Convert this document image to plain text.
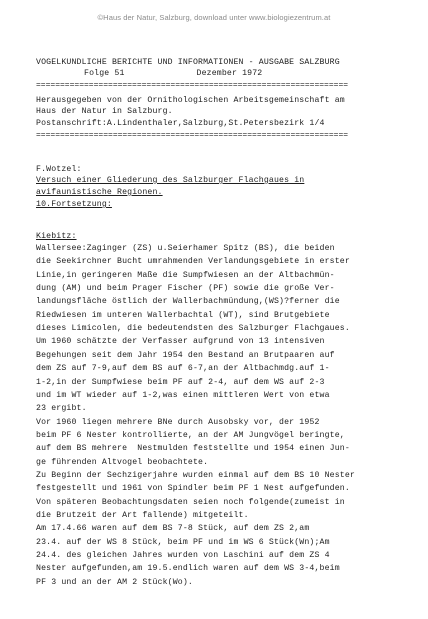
©Haus der Natur, Salzburg, download unter www.biologiezentrum.at
VOGELKUNDLICHE BERICHTE UND INFORMATIONEN - AUSGABE SALZBURG
Folge 51	Dezember 1972
=================================================================
Herausgegeben von der Ornithologischen Arbeitsgemeinschaft am
Haus der Natur in Salzburg.
Postanschrift:A.Lindenthaler,Salzburg,St.Petersbezirk 1/4
=================================================================
F.Wotzel:
Versuch einer Gliederung des Salzburger Flachgaues in
avifaunistische Regionen.
10.Fortsetzung:
Kiebitz:
Wallersee:Zaginger (ZS) u.Seierhamer Spitz (BS), die beiden
die Seekirchner Bucht umrahmenden Verlandungsgebiete in erster
Linie,in geringeren Maße die Sumpfwiesen an der Altbachmün-
dung (AM) und beim Prager Fischer (PF) sowie die große Ver-
landungsfläche östlich der Wallerbachmündung,(WS)?ferner die
Riedwiesen im unteren Wallerbachtal (WT), sind Brutgebiete
dieses Limicolen, die bedeutendsten des Salzburger Flachgaues.
Um 1960 schätzte der Verfasser aufgrund von 13 intensiven
Begehungen seit dem Jahr 1954 den Bestand an Brutpaaren auf
dem ZS auf 7-9,auf dem BS auf 6-7,an der Altbachmdg.auf 1-
1-2,in der Sumpfwiese beim PF auf 2-4, auf dem WS auf 2-3
und im WT wieder auf 1-2,was einen mittleren Wert von etwa
23 ergibt.
Vor 1960 liegen mehrere BNe durch Ausobsky vor, der 1952
beim PF 6 Nester kontrollierte, an der AM Jungvögel beringte,
auf dem BS mehrere  Nestmulden feststellte und 1954 einen Jun-
ge führenden Altvogel beobachtete.
Zu Beginn der Sechzigerjahre wurden einmal auf dem BS 10 Nester
festgestellt und 1961 von Spindler beim PF 1 Nest aufgefunden.
Von späteren Beobachtungsdaten seien noch folgende(zumeist in
die Brutzeit der Art fallende) mitgeteilt.
Am 17.4.66 waren auf dem BS 7-8 Stück, auf dem ZS 2,am
23.4. auf der WS 8 Stück, beim PF und im WS 6 Stück(Wn);Am
24.4. des gleichen Jahres wurden von Laschini auf dem ZS 4
Nester aufgefunden,am 19.5.endlich waren auf dem WS 3-4,beim
PF 3 und an der AM 2 Stück(Wo).
